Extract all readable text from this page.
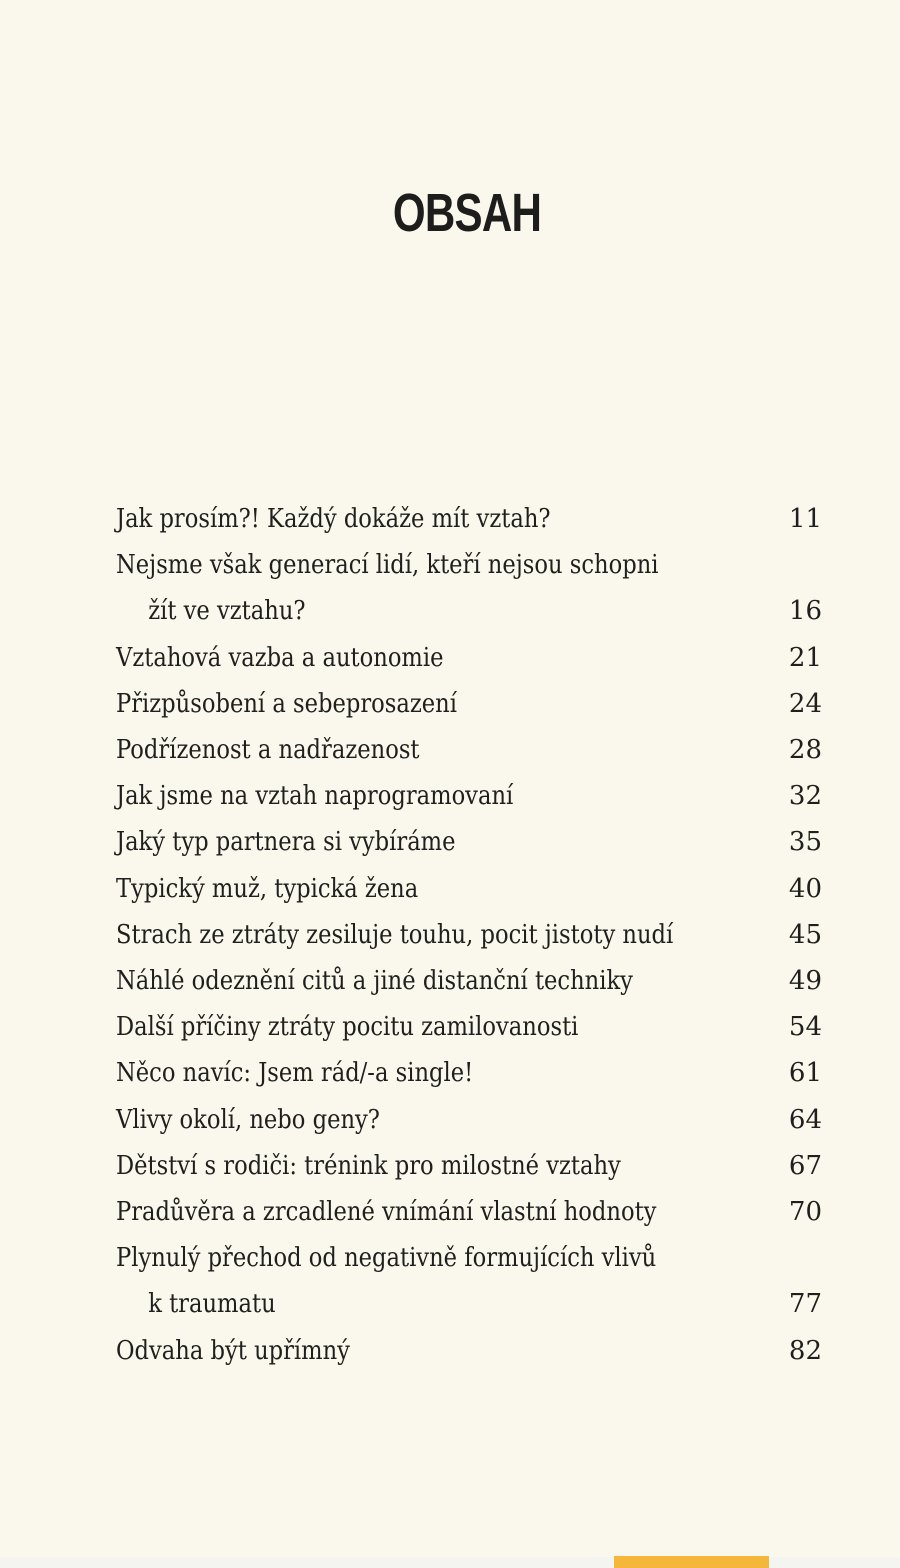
OBSAH
Jak prosím?! Každý dokáže mít vztah?	11
Nejsme však generací lidí, kteří nejsou schopni
žít ve vztahu?	16
Vztahová vazba a autonomie	21
Přizpůsobení a sebeprosazení	24
Podřízenost a nadřazenost	28
Jak jsme na vztah naprogramovaní	32
Jaký typ partnera si vybíráme	35
Typický muž, typická žena	40
Strach ze ztráty zesiluje touhu, pocit jistoty nudí	45
Náhlé odeznění citů a jiné distanční techniky	49
Další příčiny ztráty pocitu zamilovanosti	54
Něco navíc: Jsem rád/-a single!	61
Vlivy okolí, nebo geny?	64
Dětství s rodiči: trénink pro milostné vztahy	67
Pradůvěra a zrcadlené vnímání vlastní hodnoty	70
Plynulý přechod od negativně formujících vlivů
k traumatu	77
Odvaha být upřímný	82
